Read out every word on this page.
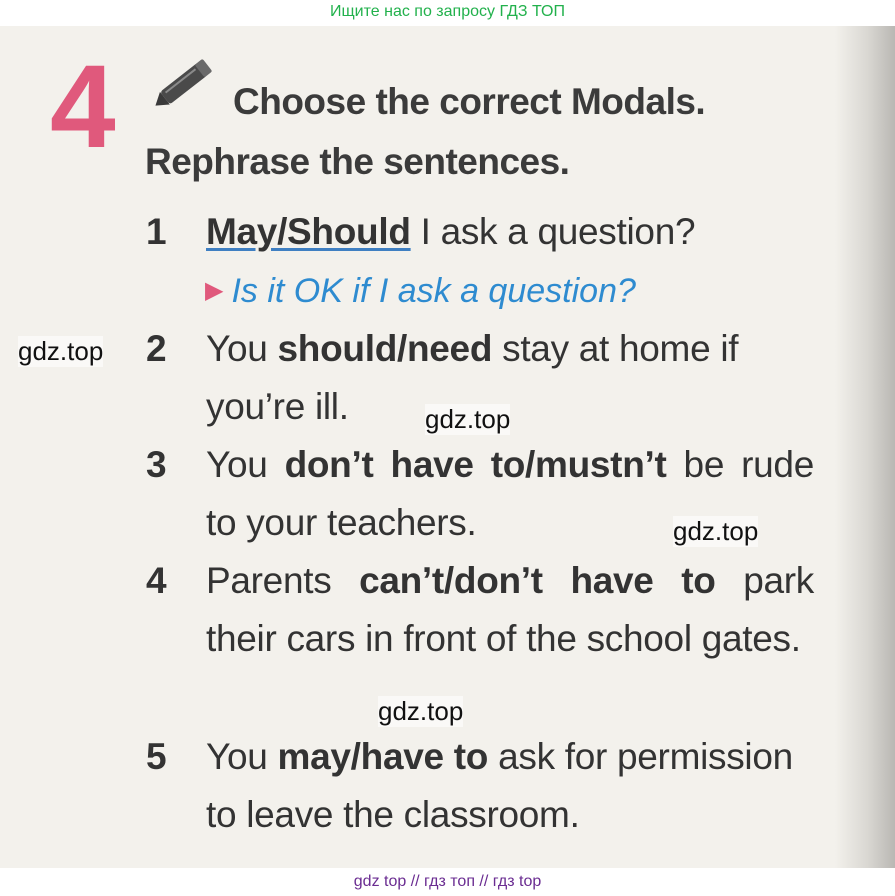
Ищите нас по запросу ГДЗ ТОП
4	Choose the correct Modals.
Rephrase the sentences.
1	May/Should I ask a question?
▶ Is it OK if I ask a question?
2	You should/need stay at home if you’re ill.
3	You don’t have to/mustn’t be rude to your teachers.
4	Parents can’t/don’t have to park their cars in front of the school gates.
5	You may/have to ask for permission to leave the classroom.
gdz.top
gdz.top
gdz.top
gdz.top
gdz top // гдз топ // гдз top
